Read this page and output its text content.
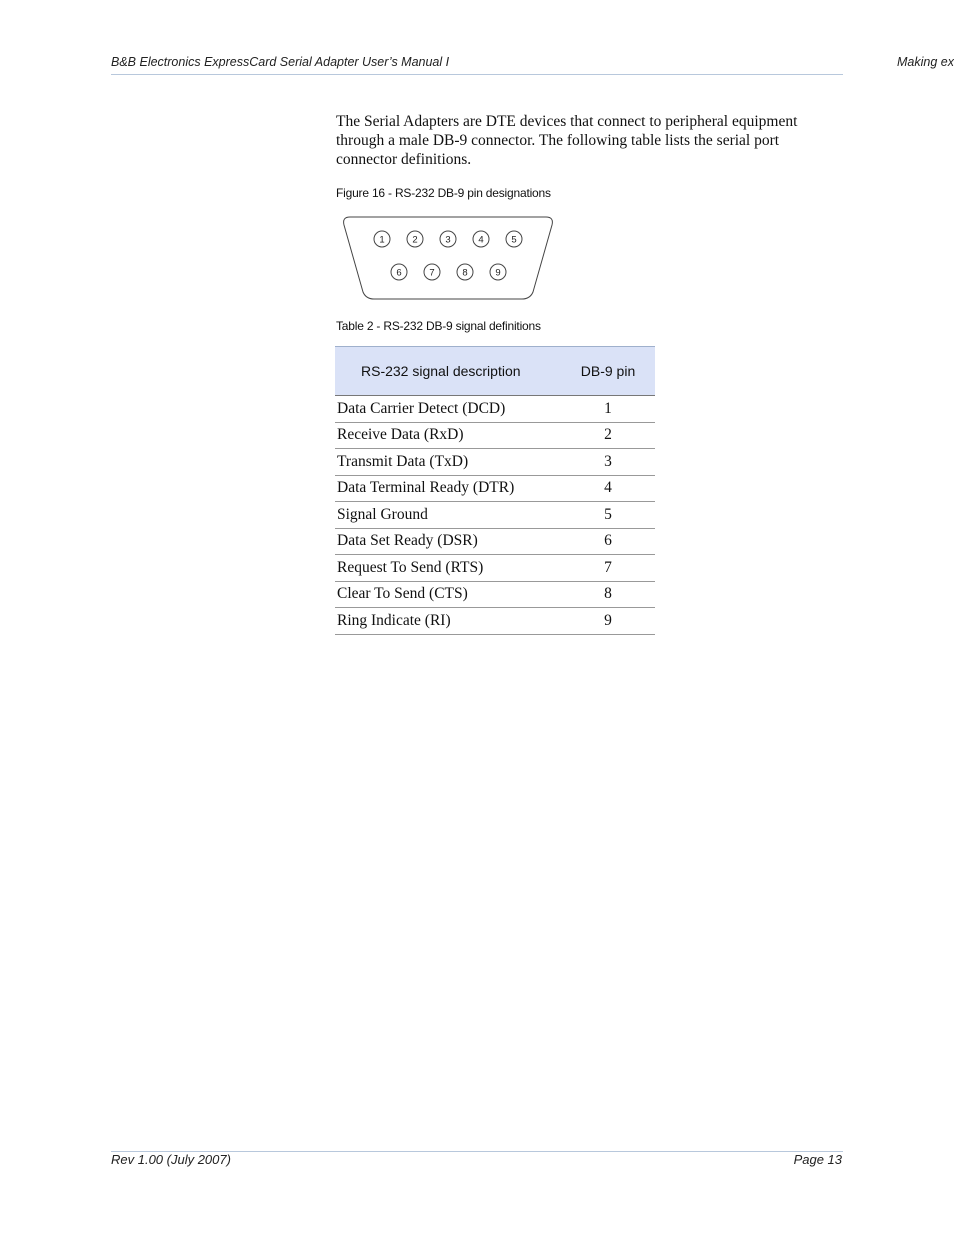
B&B Electronics ExpressCard Serial Adapter User’s Manual I	Making ex

The Serial Adapters are DTE devices that connect to peripheral equipment through a male DB-9 connector. The following table lists the serial port connector definitions.

Figure 16 - RS-232 DB-9 pin designations
1	2	3	4	5
6	7	8	9
Table 2 - RS-232 DB-9 signal definitions
RS-232 signal description	DB-9 pin
Data Carrier Detect (DCD)	1
Receive Data (RxD)	2
Transmit Data (TxD)	3
Data Terminal Ready (DTR)	4
Signal Ground	5
Data Set Ready (DSR)	6
Request To Send (RTS)	7
Clear To Send (CTS)	8
Ring Indicate (RI)	9
Rev 1.00 (July 2007)	Page 13
